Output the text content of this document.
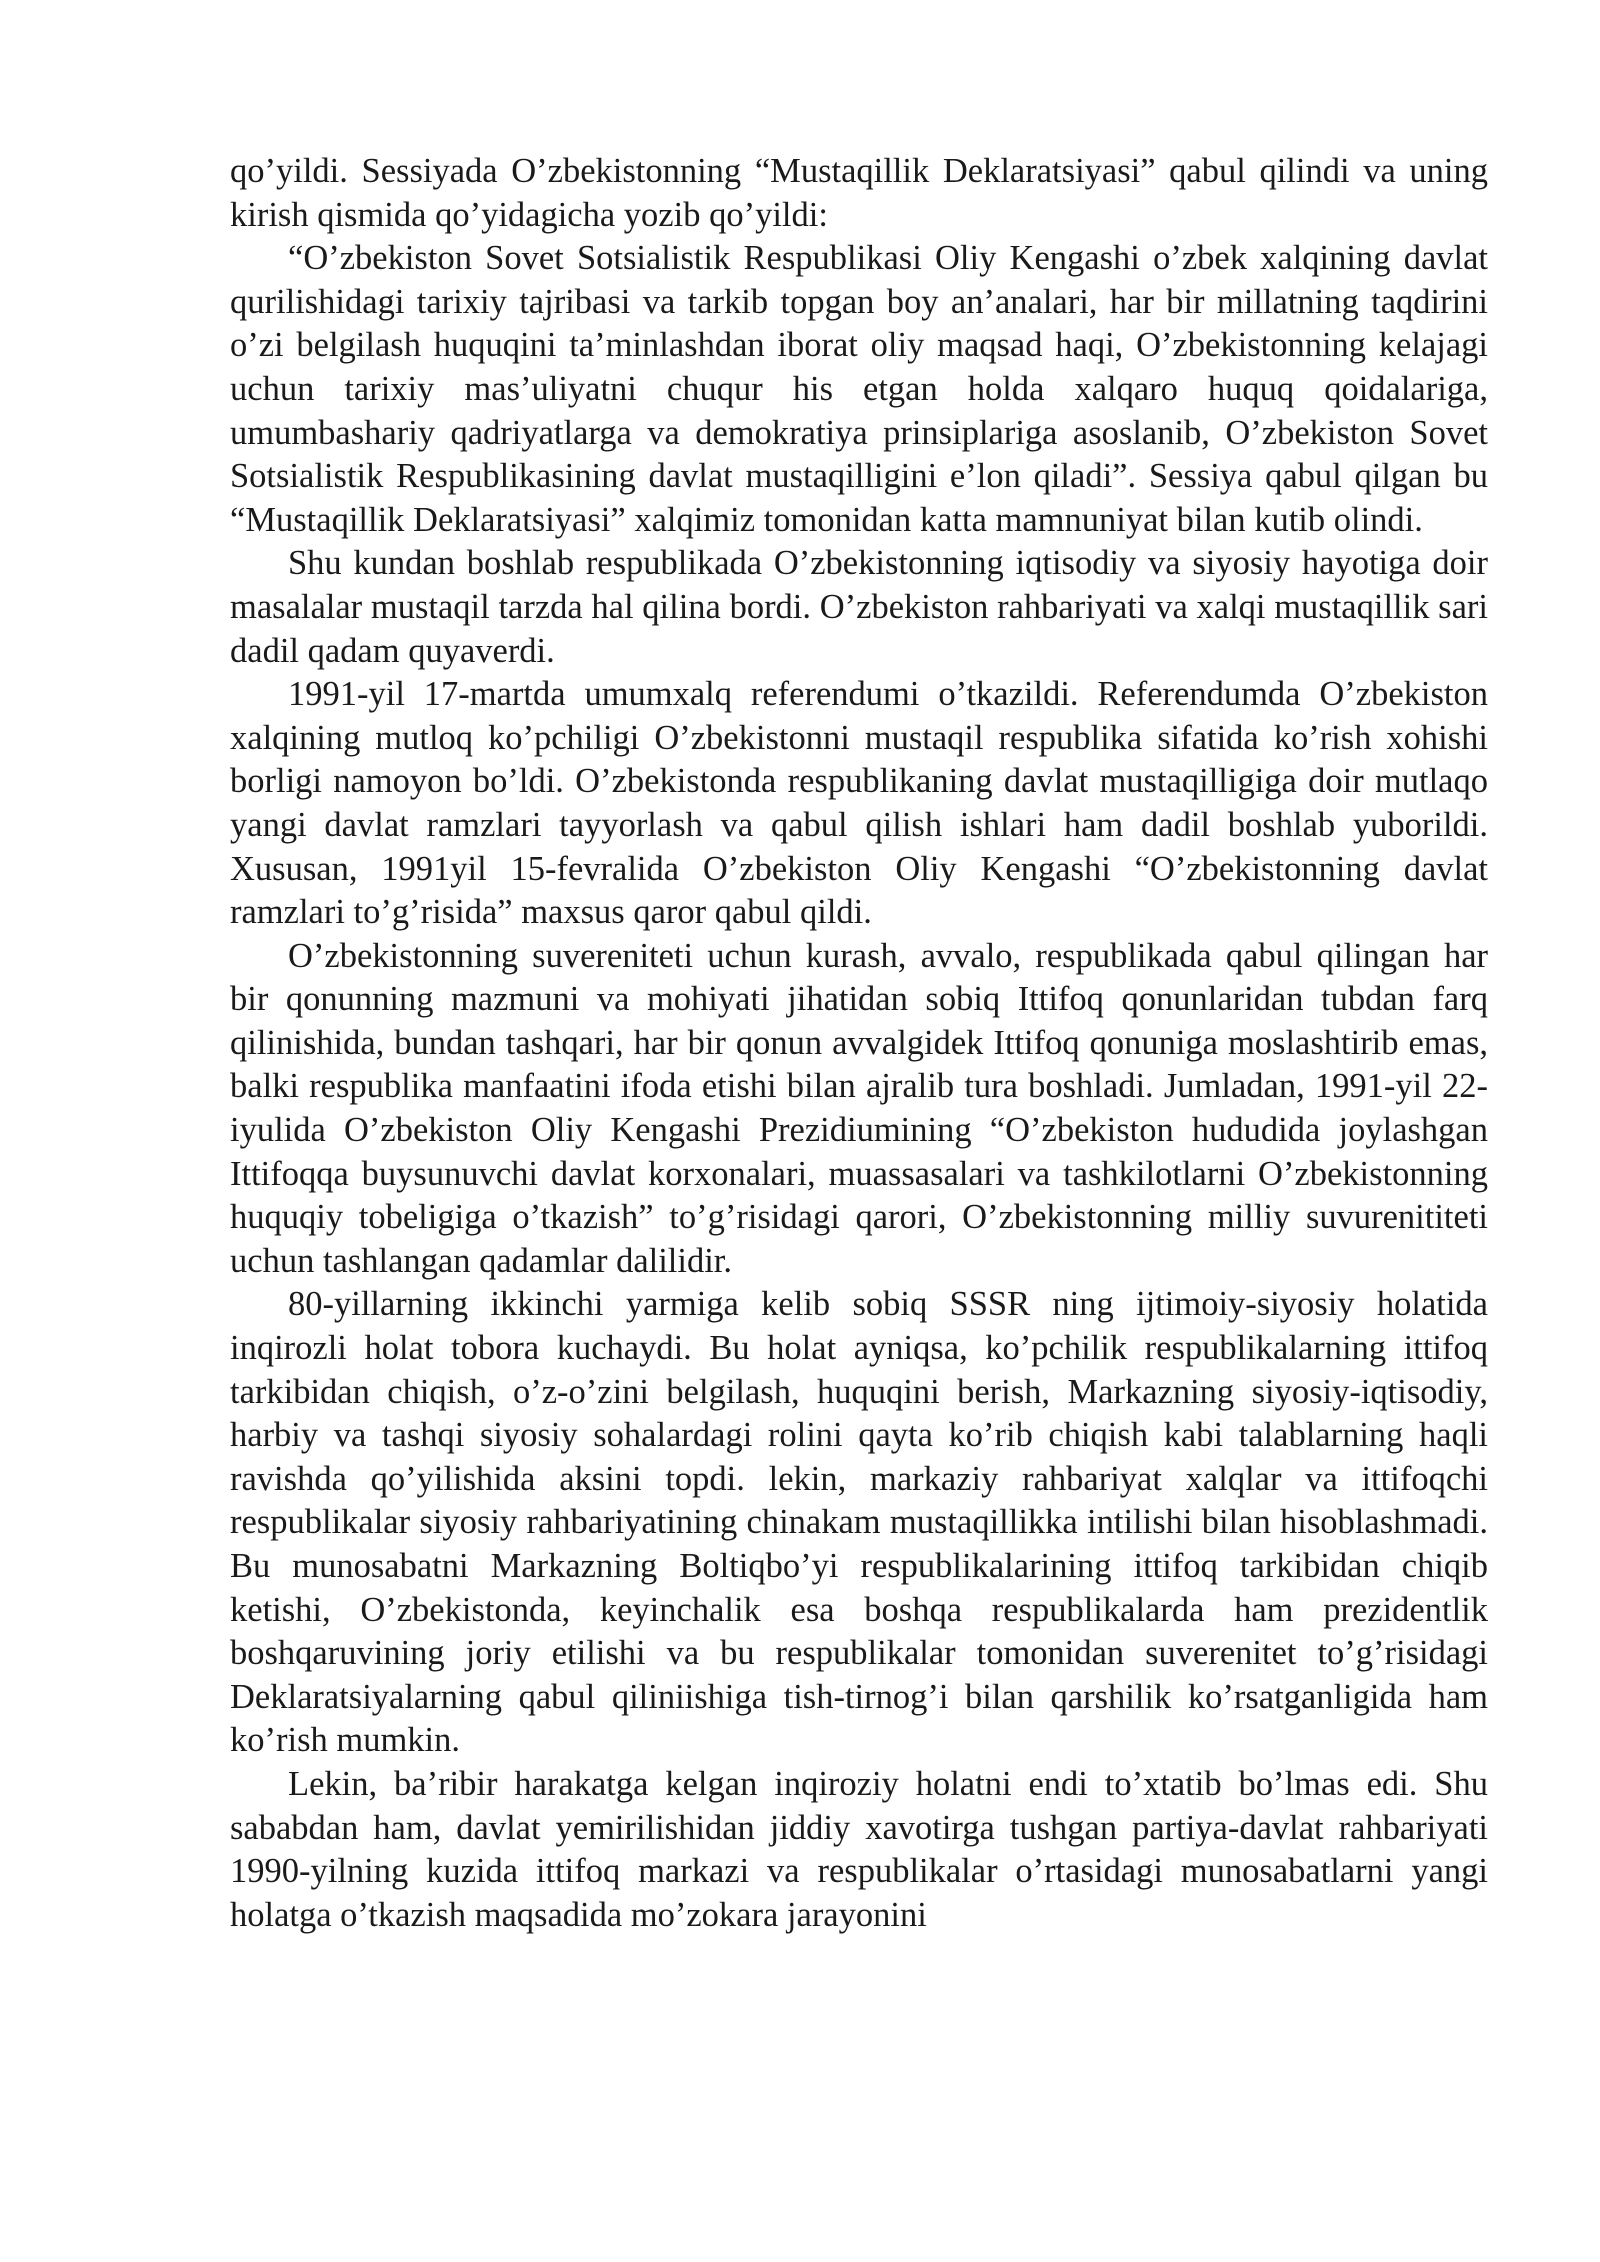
qo’yildi. Sessiyada O’zbekistonning “Mustaqillik Deklaratsiyasi” qabul qilindi va uning kirish qismida qo’yidagicha yozib qo’yildi:

“O’zbekiston Sovet Sotsialistik Respublikasi Oliy Kengashi o’zbek xalqining davlat qurilishidagi tarixiy tajribasi va tarkib topgan boy an’analari, har bir millatning taqdirini o’zi belgilash huquqini ta’minlashdan iborat oliy maqsad haqi, O’zbekistonning kelajagi uchun tarixiy mas’uliyatni chuqur his etgan holda xalqaro huquq qoidalariga, umumbashariy qadriyatlarga va demokratiya prinsiplariga asoslanib, O’zbekiston Sovet Sotsialistik Respublikasining davlat mustaqilligini e’lon qiladi”. Sessiya qabul qilgan bu “Mustaqillik Deklaratsiyasi” xalqimiz tomonidan katta mamnuniyat bilan kutib olindi.

Shu kundan boshlab respublikada O’zbekistonning iqtisodiy va siyosiy hayotiga doir masalalar mustaqil tarzda hal qilina bordi. O’zbekiston rahbariyati va xalqi mustaqillik sari dadil qadam quyaverdi.

1991-yil 17-martda umumxalq referendumi o’tkazildi. Referendumda O’zbekiston xalqining mutloq ko’pchiligi O’zbekistonni mustaqil respublika sifatida ko’rish xohishi borligi namoyon bo’ldi. O’zbekistonda respublikaning davlat mustaqilligiga doir mutlaqo yangi davlat ramzlari tayyorlash va qabul qilish ishlari ham dadil boshlab yuborildi. Xususan, 1991yil 15-fevralida O’zbekiston Oliy Kengashi “O’zbekistonning davlat ramzlari to’g’risida” maxsus qaror qabul qildi.

O’zbekistonning suvereniteti uchun kurash, avvalo, respublikada qabul qilingan har bir qonunning mazmuni va mohiyati jihatidan sobiq Ittifoq qonunlaridan tubdan farq qilinishida, bundan tashqari, har bir qonun avvalgidek Ittifoq qonuniga moslashtirib emas, balki respublika manfaatini ifoda etishi bilan ajralib tura boshladi. Jumladan, 1991-yil 22-iyulida O’zbekiston Oliy Kengashi Prezidiumining “O’zbekiston hududida joylashgan Ittifoqqa buysunuvchi davlat korxonalari, muassasalari va tashkilotlarni O’zbekistonning huquqiy tobeligiga o’tkazish” to’g’risidagi qarori, O’zbekistonning milliy suvurenititeti uchun tashlangan qadamlar dalilidir.

80-yillarning ikkinchi yarmiga kelib sobiq SSSR ning ijtimoiy-siyosiy holatida inqirozli holat tobora kuchaydi. Bu holat ayniqsa, ko’pchilik respublikalarning ittifoq tarkibidan chiqish, o’z-o’zini belgilash, huquqini berish, Markazning siyosiy-iqtisodiy, harbiy va tashqi siyosiy sohalardagi rolini qayta ko’rib chiqish kabi talablarning haqli ravishda qo’yilishida aksini topdi. lekin, markaziy rahbariyat xalqlar va ittifoqchi respublikalar siyosiy rahbariyatining chinakam mustaqillikka intilishi bilan hisoblashmadi. Bu munosabatni Markazning Boltiqbo’yi respublikalarining ittifoq tarkibidan chiqib ketishi, O’zbekistonda, keyinchalik esa boshqa respublikalarda ham prezidentlik boshqaruvining joriy etilishi va bu respublikalar tomonidan suverenitet to’g’risidagi Deklaratsiyalarning qabul qiliniishiga tish-tirnog’i bilan qarshilik ko’rsatganligida ham ko’rish mumkin.

Lekin, ba’ribir harakatga kelgan inqiroziy holatni endi to’xtatib bo’lmas edi. Shu sababdan ham, davlat yemirilishidan jiddiy xavotirga tushgan partiya-davlat rahbariyati 1990-yilning kuzida ittifoq markazi va respublikalar o’rtasidagi munosabatlarni yangi holatga o’tkazish maqsadida mo’zokara jarayonini
